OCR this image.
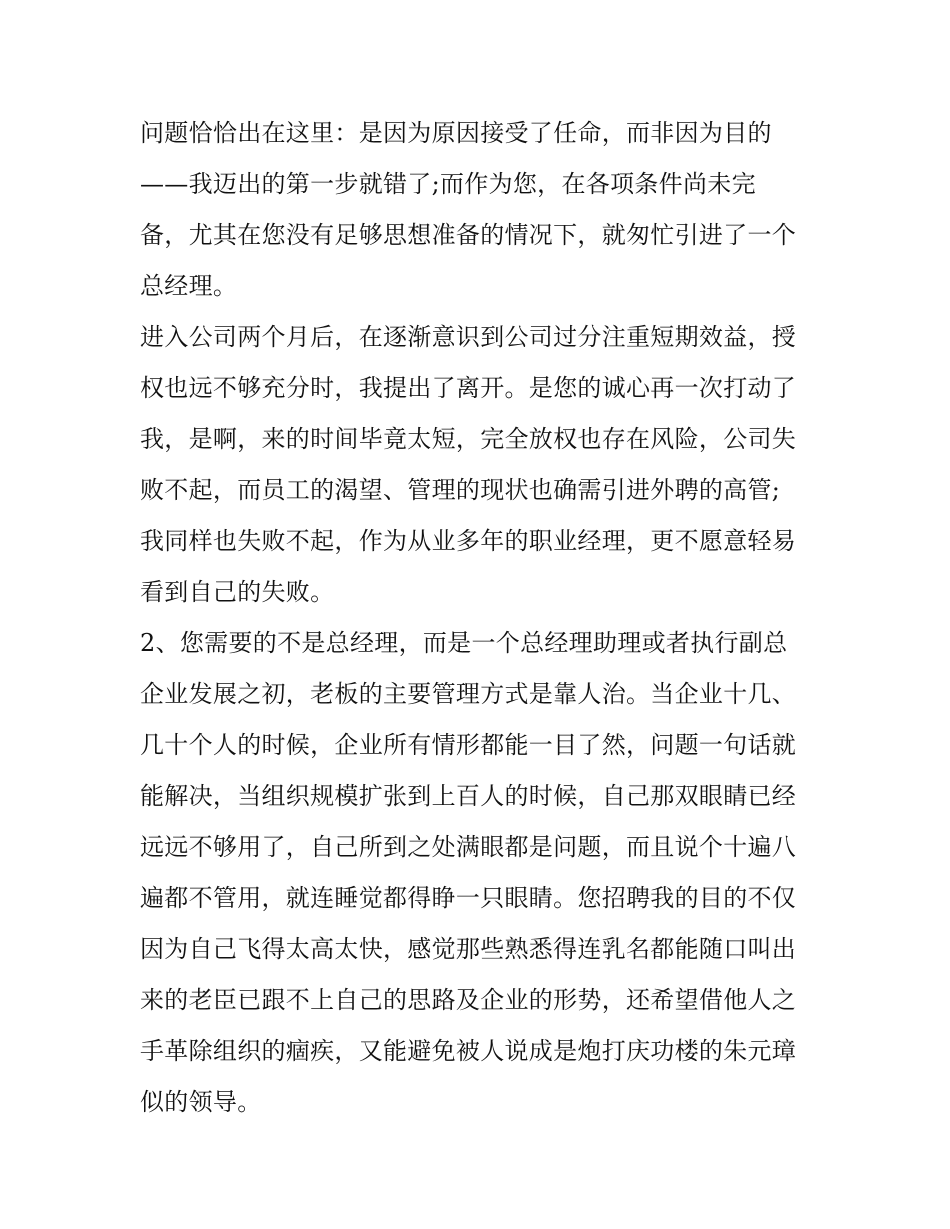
问题恰恰出在这里：是因为原因接受了任命，而非因为目的
——我迈出的第一步就错了;而作为您，在各项条件尚未完
备，尤其在您没有足够思想准备的情况下，就匆忙引进了一个
总经理。
进入公司两个月后，在逐渐意识到公司过分注重短期效益，授
权也远不够充分时，我提出了离开。是您的诚心再一次打动了
我，是啊，来的时间毕竟太短，完全放权也存在风险，公司失
败不起，而员工的渴望、管理的现状也确需引进外聘的高管;
我同样也失败不起，作为从业多年的职业经理，更不愿意轻易
看到自己的失败。
2、您需要的不是总经理，而是一个总经理助理或者执行副总
企业发展之初，老板的主要管理方式是靠人治。当企业十几、
几十个人的时候，企业所有情形都能一目了然，问题一句话就
能解决，当组织规模扩张到上百人的时候，自己那双眼睛已经
远远不够用了，自己所到之处满眼都是问题，而且说个十遍八
遍都不管用，就连睡觉都得睁一只眼睛。您招聘我的目的不仅
因为自己飞得太高太快，感觉那些熟悉得连乳名都能随口叫出
来的老臣已跟不上自己的思路及企业的形势，还希望借他人之
手革除组织的痼疾，又能避免被人说成是炮打庆功楼的朱元璋
似的领导。
